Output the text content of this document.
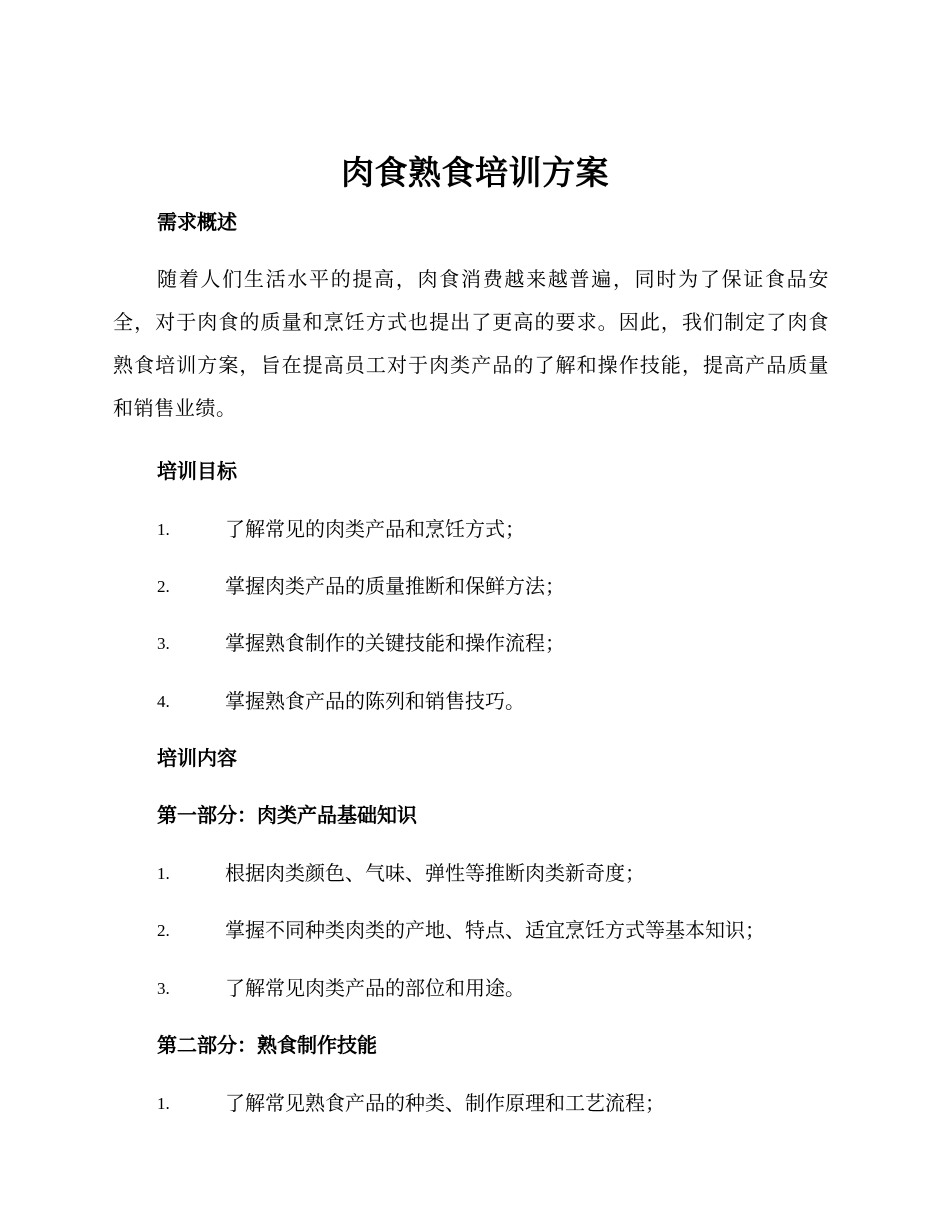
肉食熟食培训方案
需求概述
随着人们生活水平的提高，肉食消费越来越普遍，同时为了保证食品安全，对于肉食的质量和烹饪方式也提出了更高的要求。因此，我们制定了肉食熟食培训方案，旨在提高员工对于肉类产品的了解和操作技能，提高产品质量和销售业绩。
培训目标
1.	了解常见的肉类产品和烹饪方式；
2.	掌握肉类产品的质量推断和保鲜方法；
3.	掌握熟食制作的关键技能和操作流程；
4.	掌握熟食产品的陈列和销售技巧。
培训内容
第一部分：肉类产品基础知识
1.	根据肉类颜色、气味、弹性等推断肉类新奇度；
2.	掌握不同种类肉类的产地、特点、适宜烹饪方式等基本知识；
3.	了解常见肉类产品的部位和用途。
第二部分：熟食制作技能
1.	了解常见熟食产品的种类、制作原理和工艺流程；
